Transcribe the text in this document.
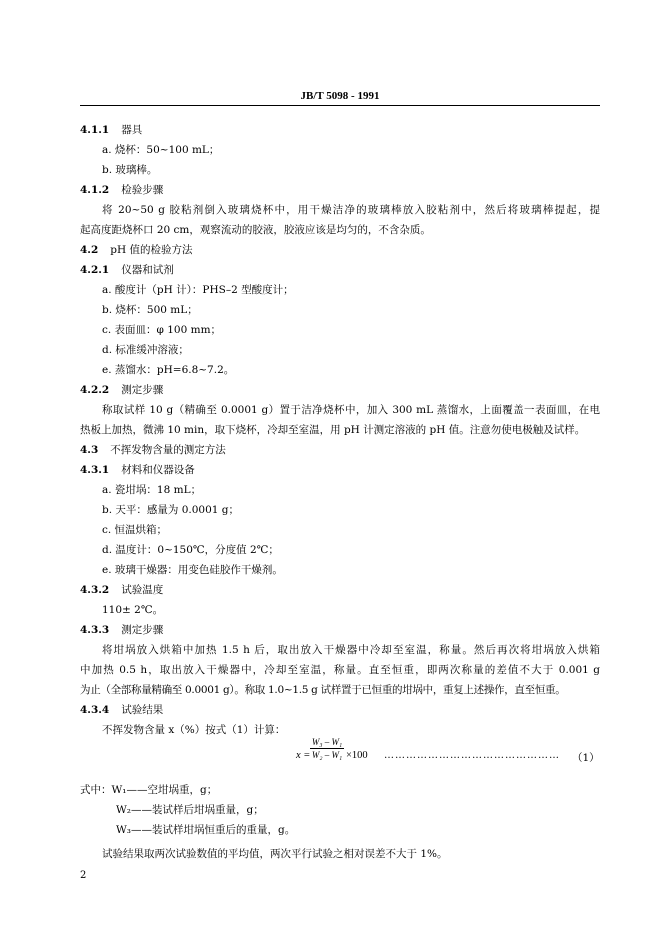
JB/T 5098 - 1991
4.1.1 器具
a. 烧杯：50~100 mL；
b. 玻璃棒。
4.1.2 检验步骤
将 20~50 g 胶粘剂倒入玻璃烧杯中，用干燥洁净的玻璃棒放入胶粘剂中，然后将玻璃棒提起，提
起高度距烧杯口 20 cm，观察流动的胶液，胶液应该是均匀的，不含杂质。
4.2 pH 值的检验方法
4.2.1 仪器和试剂
a. 酸度计（pH 计）：PHS–2 型酸度计；
b. 烧杯：500 mL；
c. 表面皿：φ 100 mm；
d. 标准缓冲溶液；
e. 蒸馏水：pH=6.8~7.2。
4.2.2 测定步骤
称取试样 10 g（精确至 0.0001 g）置于洁净烧杯中，加入 300 mL 蒸馏水，上面覆盖一表面皿，在电
热板上加热，微沸 10 min，取下烧杯，冷却至室温，用 pH 计测定溶液的 pH 值。注意勿使电极触及试样。
4.3 不挥发物含量的测定方法
4.3.1 材料和仪器设备
a. 瓷坩埚：18 mL；
b. 天平：感量为 0.0001 g；
c. 恒温烘箱；
d. 温度计：0~150℃，分度值 2℃；
e. 玻璃干燥器：用变色硅胶作干燥剂。
4.3.2 试验温度
110± 2℃。
4.3.3 测定步骤
将坩埚放入烘箱中加热 1.5 h 后，取出放入干燥器中冷却至室温，称量。然后再次将坩埚放入烘箱
中加热 0.5 h，取出放入干燥器中，冷却至室温，称量。直至恒重，即两次称量的差值不大于 0.001 g
为止（全部称量精确至 0.0001 g）。称取 1.0~1.5 g 试样置于已恒重的坩埚中，重复上述操作，直至恒重。
4.3.4 试验结果
不挥发物含量 x（%）按式（1）计算：
$x = \frac{\text{W₃ – W₁}}{\text{W₂ – W₁}} \times 100$ ………………………………………… （1）
式中：W₁——空坩埚重，g；
W₂——装试样后坩埚重量，g；
W₃——装试样坩埚恒重后的重量，g。
试验结果取两次试验数值的平均值，两次平行试验之相对误差不大于 1%。
2
